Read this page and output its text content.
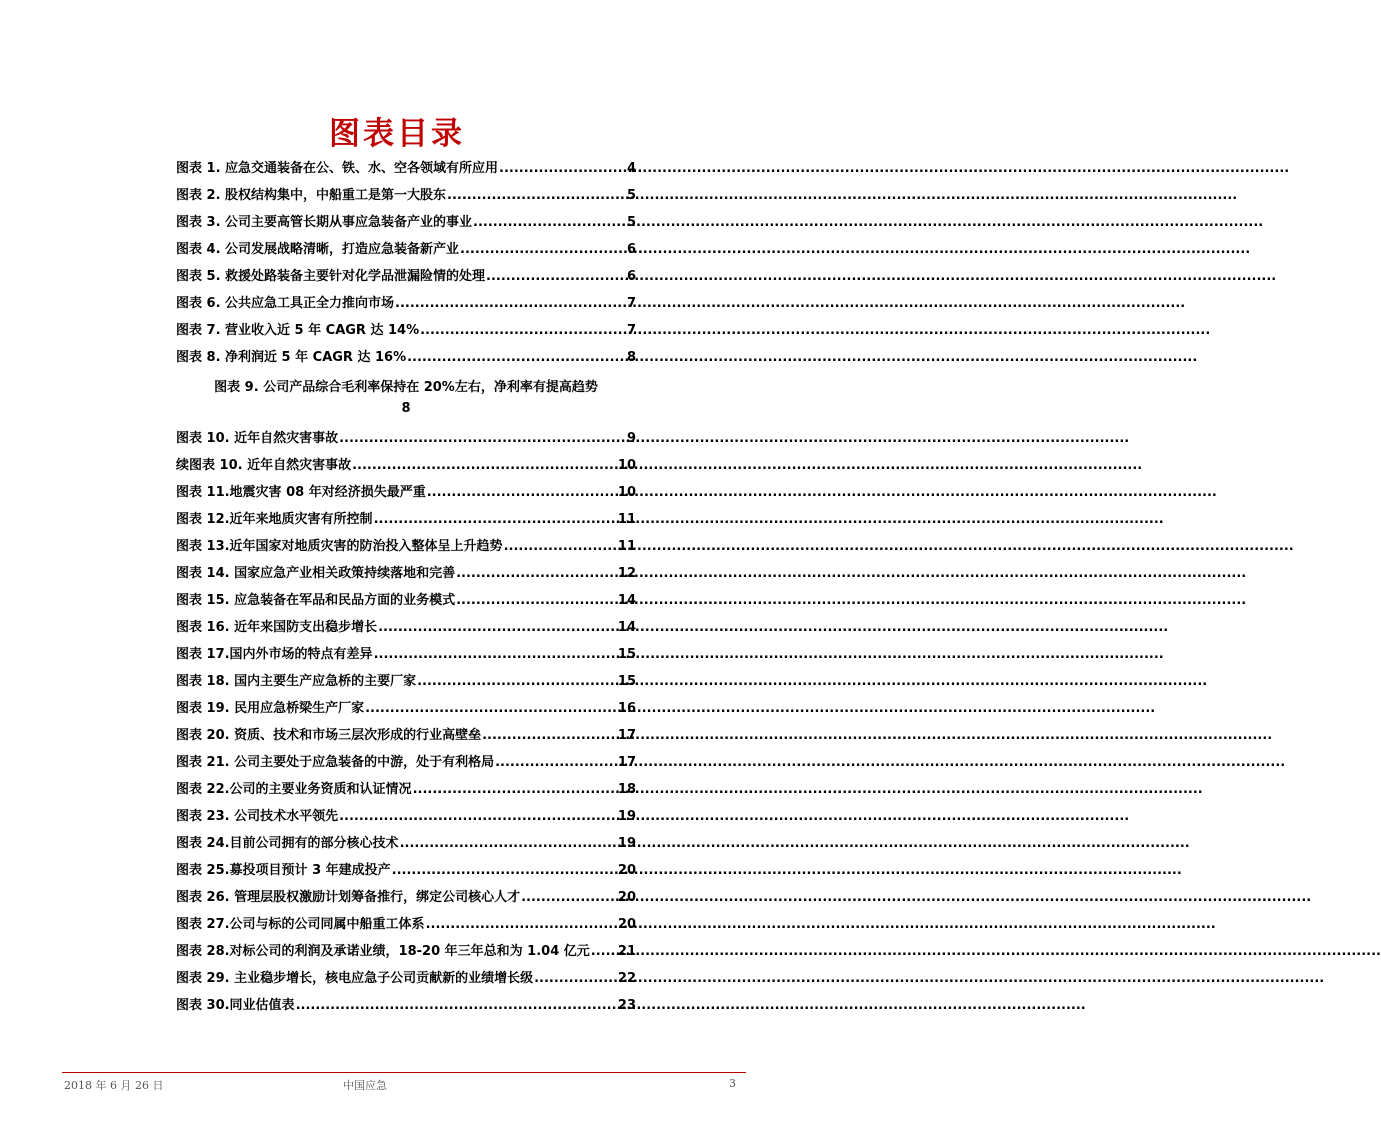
图表目录
图表 1. 应急交通装备在公、铁、水、空各领域有所应用 .....	4
图表 2. 股权结构集中，中船重工是第一大股东 .....	5
图表 3. 公司主要高管长期从事应急装备产业的事业 .....	5
图表 4. 公司发展战略清晰，打造应急装备新产业 .....	6
图表 5. 救援处路装备主要针对化学品泄漏险情的处理 .....	6
图表 6. 公共应急工具正全力推向市场 .....	7
图表 7. 营业收入近 5 年 CAGR 达 14% .....	7
图表 8. 净利润近 5 年 CAGR 达 16% .....	8
图表 9. 公司产品综合毛利率保持在 20%左右，净利率有提高趋势
8
图表 10. 近年自然灾害事故 .....	9
续图表 10. 近年自然灾害事故 .....	10
图表 11.地震灾害 08 年对经济损失最严重 .....	10
图表 12.近年来地质灾害有所控制 .....	11
图表 13.近年国家对地质灾害的防治投入整体呈上升趋势 .....	11
图表 14. 国家应急产业相关政策持续落地和完善 .....	12
图表 15. 应急装备在军品和民品方面的业务模式 .....	14
图表 16. 近年来国防支出稳步增长 .....	14
图表 17.国内外市场的特点有差异 .....	15
图表 18. 国内主要生产应急桥的主要厂家 .....	15
图表 19. 民用应急桥梁生产厂家 .....	16
图表 20. 资质、技术和市场三层次形成的行业高壁垒 .....	17
图表 21. 公司主要处于应急装备的中游，处于有利格局 .....	17
图表 22.公司的主要业务资质和认证情况 .....	18
图表 23. 公司技术水平领先 .....	19
图表 24.目前公司拥有的部分核心技术 .....	19
图表 25.募投项目预计 3 年建成投产 .....	20
图表 26. 管理层股权激励计划筹备推行，绑定公司核心人才 .....	20
图表 27.公司与标的公司同属中船重工体系 .....	20
图表 28.对标公司的利润及承诺业绩，18-20 年三年总和为 1.04 亿元 ..... 21
图表 29. 主业稳步增长，核电应急子公司贡献新的业绩增长级 .....	22
图表 30.同业估值表 .....	23
2018 年 6 月 26 日	中国应急	3
